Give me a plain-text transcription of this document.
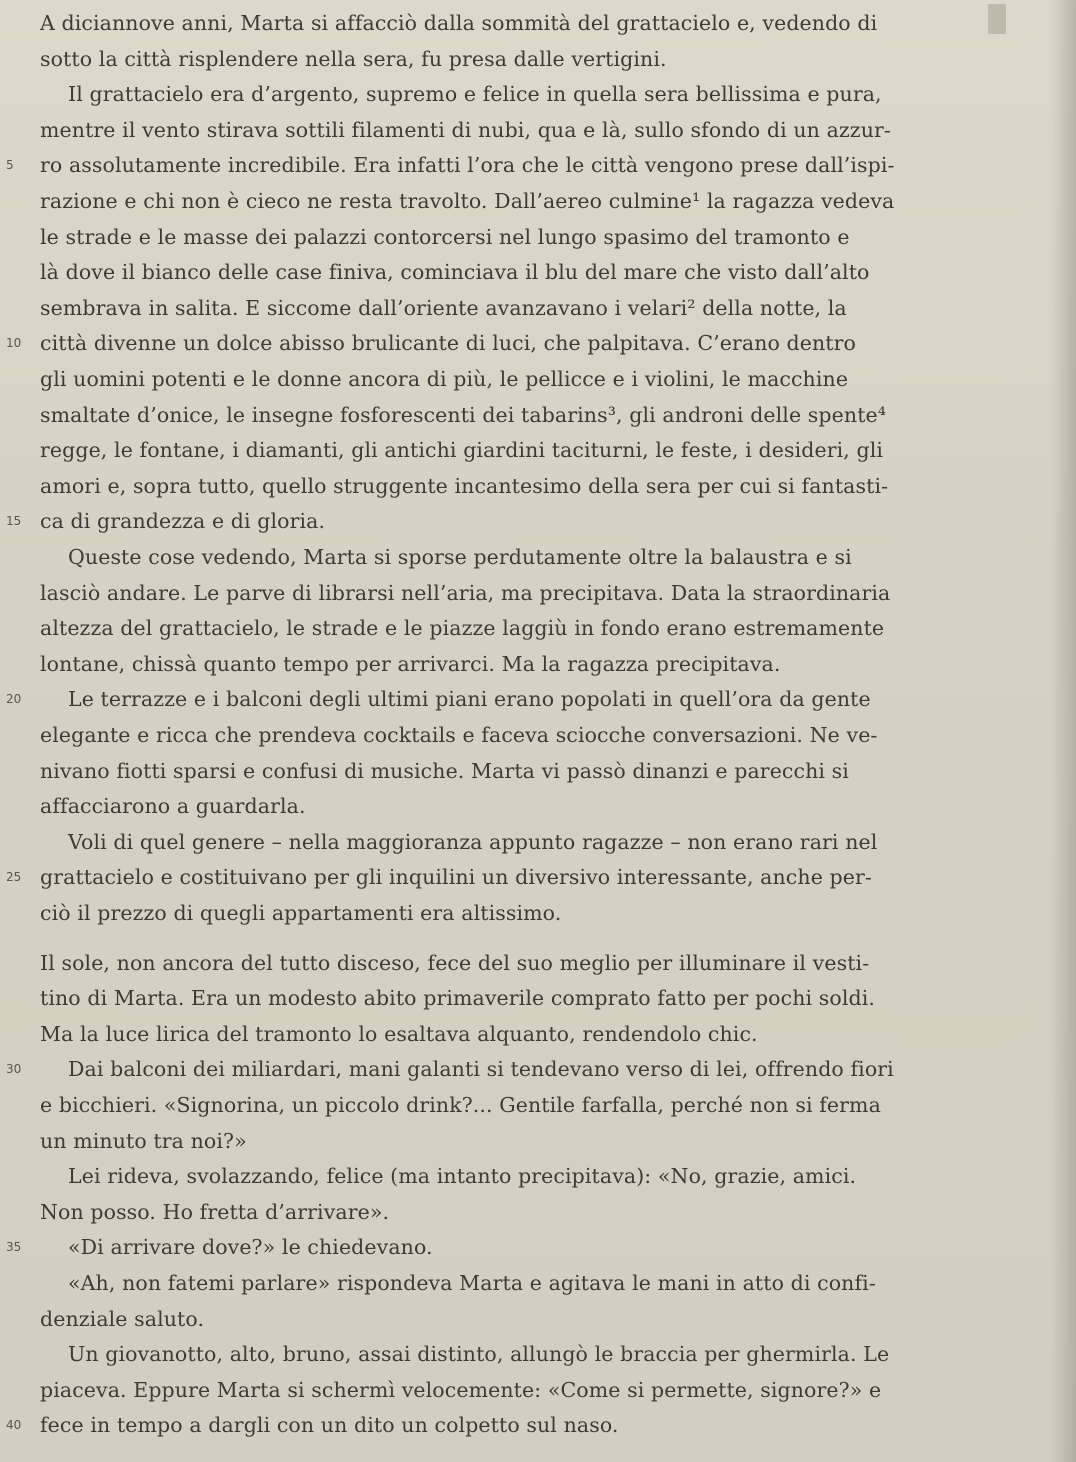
A diciannove anni, Marta si affacciò dalla sommità del grattacielo e, vedendo di
sotto la città risplendere nella sera, fu presa dalle vertigini.
Il grattacielo era d’argento, supremo e felice in quella sera bellissima e pura,
mentre il vento stirava sottili filamenti di nubi, qua e là, sullo sfondo di un azzur-
5	ro assolutamente incredibile. Era infatti l’ora che le città vengono prese dall’ispi-
razione e chi non è cieco ne resta travolto. Dall’aereo culmine¹ la ragazza vedeva
le strade e le masse dei palazzi contorcersi nel lungo spasimo del tramonto e
là dove il bianco delle case finiva, cominciava il blu del mare che visto dall’alto
sembrava in salita. E siccome dall’oriente avanzavano i velari² della notte, la
10 città divenne un dolce abisso brulicante di luci, che palpitava. C’erano dentro
gli uomini potenti e le donne ancora di più, le pellicce e i violini, le macchine
smaltate d’onice, le insegne fosforescenti dei tabarins³, gli androni delle spente⁴
regge, le fontane, i diamanti, gli antichi giardini taciturni, le feste, i desideri, gli
amori e, sopra tutto, quello struggente incantesimo della sera per cui si fantasti-
15 ca di grandezza e di gloria.
Queste cose vedendo, Marta si sporse perdutamente oltre la balaustra e si
lasciò andare. Le parve di librarsi nell’aria, ma precipitava. Data la straordinaria
altezza del grattacielo, le strade e le piazze laggiù in fondo erano estremamente
lontane, chissà quanto tempo per arrivarci. Ma la ragazza precipitava.
20	Le terrazze e i balconi degli ultimi piani erano popolati in quell’ora da gente
elegante e ricca che prendeva cocktails e faceva sciocche conversazioni. Ne ve-
nivano fiotti sparsi e confusi di musiche. Marta vi passò dinanzi e parecchi si
affacciarono a guardarla.
Voli di quel genere – nella maggioranza appunto ragazze – non erano rari nel
25 grattacielo e costituivano per gli inquilini un diversivo interessante, anche per-
ciò il prezzo di quegli appartamenti era altissimo.
Il sole, non ancora del tutto disceso, fece del suo meglio per illuminare il vesti-
tino di Marta. Era un modesto abito primaverile comprato fatto per pochi soldi.
Ma la luce lirica del tramonto lo esaltava alquanto, rendendolo chic.
30	Dai balconi dei miliardari, mani galanti si tendevano verso di lei, offrendo fiori
e bicchieri. «Signorina, un piccolo drink?... Gentile farfalla, perché non si ferma
un minuto tra noi?»
Lei rideva, svolazzando, felice (ma intanto precipitava): «No, grazie, amici.
Non posso. Ho fretta d’arrivare».
35	«Di arrivare dove?» le chiedevano.
«Ah, non fatemi parlare» rispondeva Marta e agitava le mani in atto di confi-
denziale saluto.
Un giovanotto, alto, bruno, assai distinto, allungò le braccia per ghermirla. Le
piaceva. Eppure Marta si schermì velocemente: «Come si permette, signore?» e
40 fece in tempo a dargli con un dito un colpetto sul naso.
